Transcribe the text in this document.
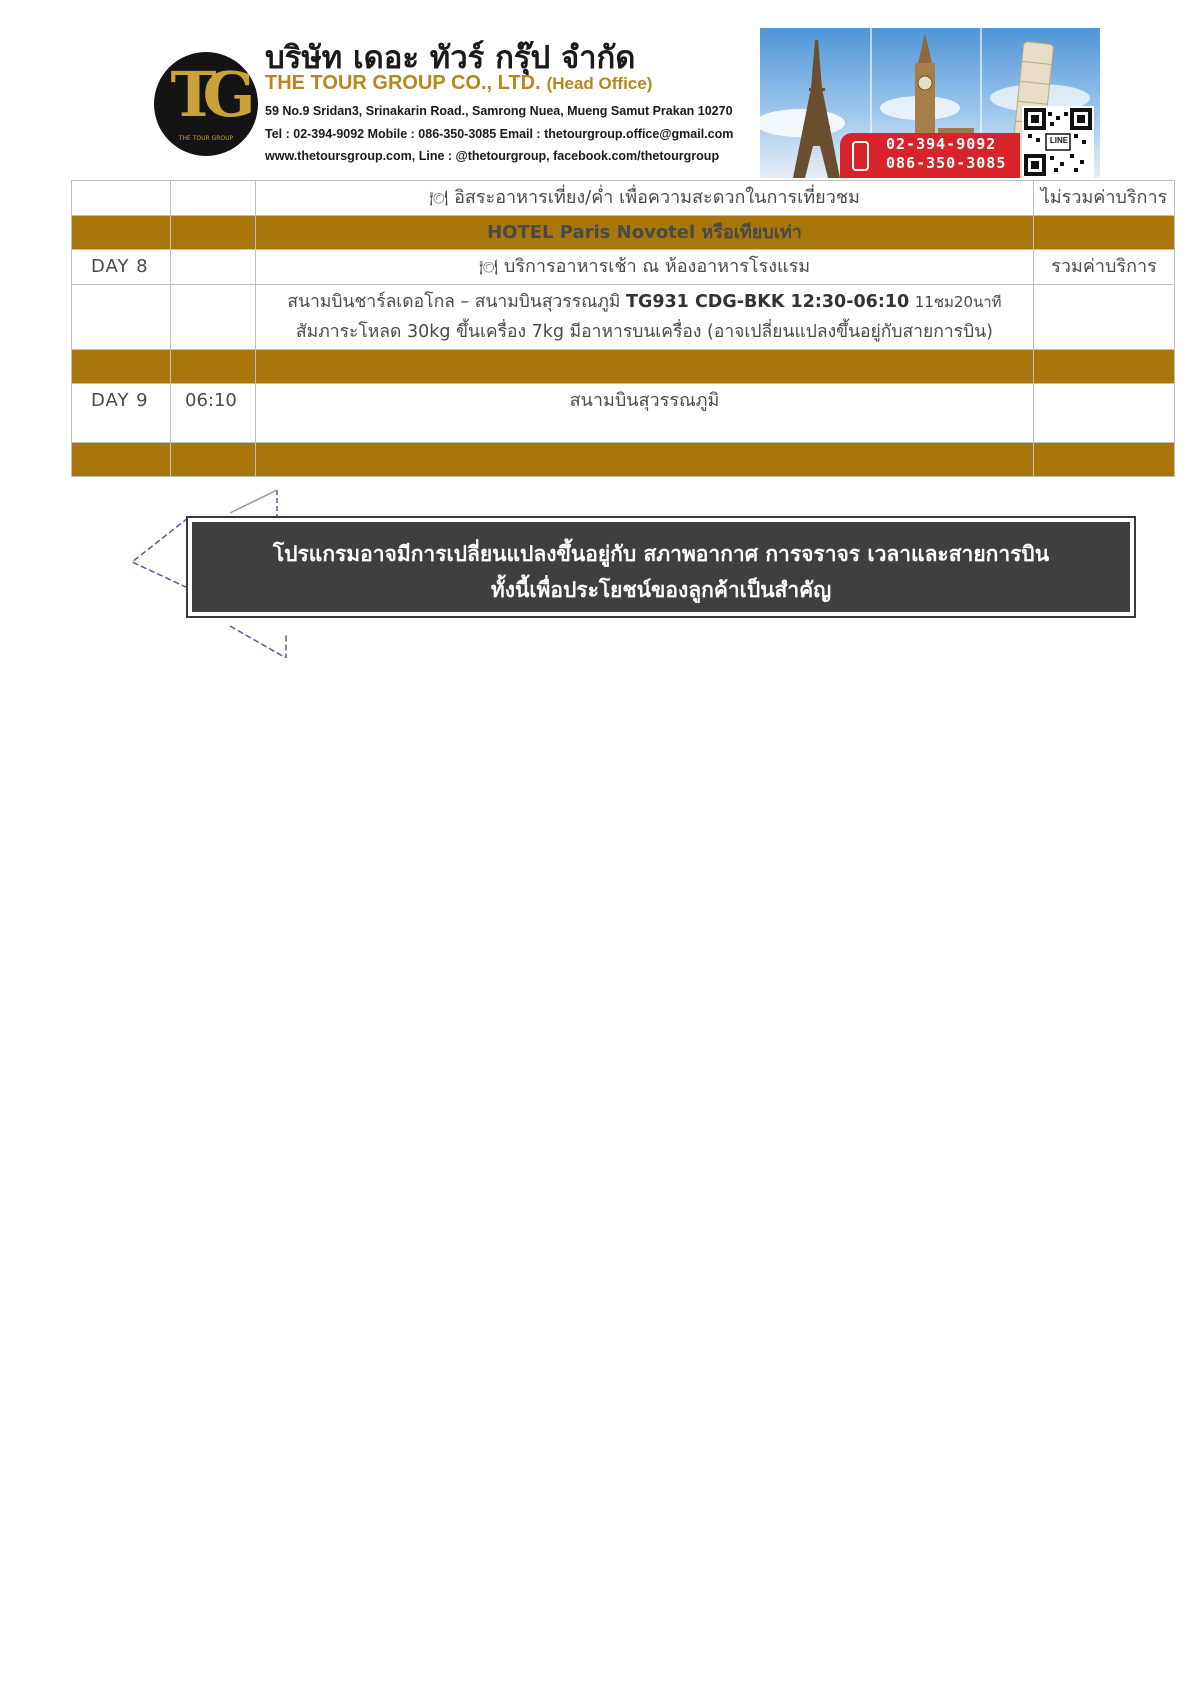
TG
THE TOUR GROUP
บริษัท เดอะ ทัวร์ กรุ๊ป จำกัด
THE TOUR GROUP CO., LTD. (Head Office)
59 No.9 Sridan3, Srinakarin Road., Samrong Nuea, Mueng Samut Prakan 10270
Tel : 02-394-9092 Mobile : 086-350-3085 Email : thetourgroup.office@gmail.com
www.thetoursgroup.com, Line : @thetourgroup, facebook.com/thetourgroup
02-394-9092
086-350-3085
LINE
		🍽 อิสระอาหารเที่ยง/ค่ำ เพื่อความสะดวกในการเที่ยวชม	ไม่รวมค่าบริการ
		HOTEL Paris Novotel หรือเทียบเท่า	
DAY 8		🍽 บริการอาหารเช้า ณ ห้องอาหารโรงแรม	รวมค่าบริการ

		สนามบินชาร์ลเดอโกล – สนามบินสุวรรณภูมิ TG931 CDG-BKK 12:30-06:10 11ชม20นาที
สัมภาระโหลด 30kg ขึ้นเครื่อง 7kg มีอาหารบนเครื่อง (อาจเปลี่ยนแปลงขึ้นอยู่กับสายการบิน)	

DAY 9	06:10	สนามบินสุวรรณภูมิ	

โปรแกรมอาจมีการเปลี่ยนแปลงขึ้นอยู่กับ สภาพอากาศ การจราจร เวลาและสายการบิน
ทั้งนี้เพื่อประโยชน์ของลูกค้าเป็นสำคัญ
